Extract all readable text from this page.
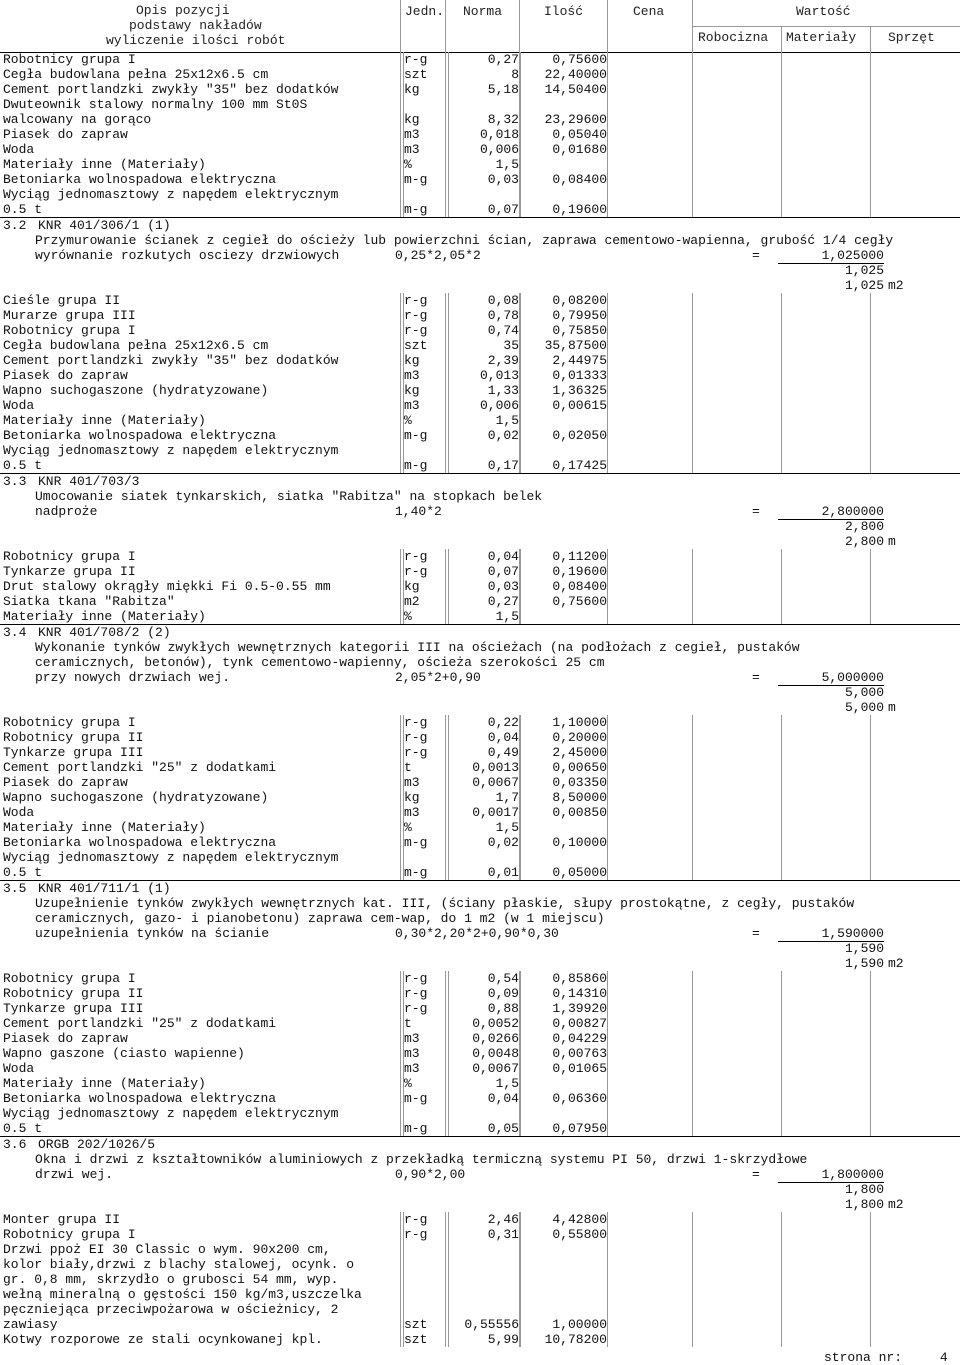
Opis pozycji
podstawy nakładów
wyliczenie ilości robót
Jedn. Norma	Ilość	Cena	Wartość
Robocizna Materiały Sprzęt
Robotnicy grupa I	r-g	0,27	0,75600
Cegła budowlana pełna 25x12x6.5 cm	szt	8	22,40000
Cement portlandzki zwykły "35" bez dodatków	kg	5,18	14,50400
Dwuteownik stalowy normalny 100 mm St0S
walcowany na gorąco	kg	8,32	23,29600
Piasek do zapraw	m3	0,018	0,05040
Woda	m3	0,006	0,01680
Materiały inne (Materiały)	%	1,5
Betoniarka wolnospadowa elektryczna	m-g	0,03	0,08400
Wyciąg jednomasztowy z napędem elektrycznym
0.5 t	m-g	0,07	0,19600
3.2 KNR 401/306/1 (1)
Przymurowanie ścianek z cegieł do ościeży lub powierzchni ścian, zaprawa cementowo-wapienna, grubość 1/4 cegły
wyrównanie rozkutych osciezy drzwiowych	0,25*2,05*2	=	1,025000
1,025
1,025 m2
Cieśle grupa II	r-g	0,08	0,08200
Murarze grupa III	r-g	0,78	0,79950
Robotnicy grupa I	r-g	0,74	0,75850
Cegła budowlana pełna 25x12x6.5 cm	szt	35	35,87500
Cement portlandzki zwykły "35" bez dodatków	kg	2,39	2,44975
Piasek do zapraw	m3	0,013	0,01333
Wapno suchogaszone (hydratyzowane)	kg	1,33	1,36325
Woda	m3	0,006	0,00615
Materiały inne (Materiały)	%	1,5
Betoniarka wolnospadowa elektryczna	m-g	0,02	0,02050
Wyciąg jednomasztowy z napędem elektrycznym
0.5 t	m-g	0,17	0,17425
3.3 KNR 401/703/3
Umocowanie siatek tynkarskich, siatka "Rabitza" na stopkach belek
nadproże	1,40*2	=	2,800000
2,800
2,800 m
Robotnicy grupa I	r-g	0,04	0,11200
Tynkarze grupa II	r-g	0,07	0,19600
Drut stalowy okrągły miękki Fi 0.5-0.55 mm	kg	0,03	0,08400
Siatka tkana "Rabitza"	m2	0,27	0,75600
Materiały inne (Materiały)	%	1,5
3.4 KNR 401/708/2 (2)
Wykonanie tynków zwykłych wewnętrznych kategorii III na ościeżach (na podłożach z cegieł, pustaków
ceramicznych, betonów), tynk cementowo-wapienny, ościeża szerokości 25 cm
przy nowych drzwiach wej.	2,05*2+0,90	=	5,000000
5,000
5,000 m
Robotnicy grupa I	r-g	0,22	1,10000
Robotnicy grupa II	r-g	0,04	0,20000
Tynkarze grupa III	r-g	0,49	2,45000
Cement portlandzki "25" z dodatkami	t	0,0013	0,00650
Piasek do zapraw	m3	0,0067	0,03350
Wapno suchogaszone (hydratyzowane)	kg	1,7	8,50000
Woda	m3	0,0017	0,00850
Materiały inne (Materiały)	%	1,5
Betoniarka wolnospadowa elektryczna	m-g	0,02	0,10000
Wyciąg jednomasztowy z napędem elektrycznym
0.5 t	m-g	0,01	0,05000
3.5 KNR 401/711/1 (1)
Uzupełnienie tynków zwykłych wewnętrznych kat. III, (ściany płaskie, słupy prostokątne, z cegły, pustaków
ceramicznych, gazo- i pianobetonu) zaprawa cem-wap, do 1 m2 (w 1 miejscu)
uzupełnienia tynków na ścianie	0,30*2,20*2+0,90*0,30	=	1,590000
1,590
1,590 m2
Robotnicy grupa I	r-g	0,54	0,85860
Robotnicy grupa II	r-g	0,09	0,14310
Tynkarze grupa III	r-g	0,88	1,39920
Cement portlandzki "25" z dodatkami	t	0,0052	0,00827
Piasek do zapraw	m3	0,0266	0,04229
Wapno gaszone (ciasto wapienne)	m3	0,0048	0,00763
Woda	m3	0,0067	0,01065
Materiały inne (Materiały)	%	1,5
Betoniarka wolnospadowa elektryczna	m-g	0,04	0,06360
Wyciąg jednomasztowy z napędem elektrycznym
0.5 t	m-g	0,05	0,07950
3.6 ORGB 202/1026/5
Okna i drzwi z kształtowników aluminiowych z przekładką termiczną systemu PI 50, drzwi 1-skrzydłowe
drzwi wej.	0,90*2,00	=	1,800000
1,800
1,800 m2
Monter grupa II	r-g	2,46	4,42800
Robotnicy grupa I	r-g	0,31	0,55800
Drzwi ppoż EI 30 Classic o wym. 90x200 cm,
kolor biały,drzwi z blachy stalowej, ocynk. o
gr. 0,8 mm, skrzydło o grubosci 54 mm, wyp.
wełną mineralną o gęstości 150 kg/m3,uszczelka
pęczniejąca przeciwpożarowa w ościeżnicy, 2
zawiasy	szt	0,55556	1,00000
Kotwy rozporowe ze stali ocynkowanej kpl.	szt	5,99	10,78200
strona nr:	4
